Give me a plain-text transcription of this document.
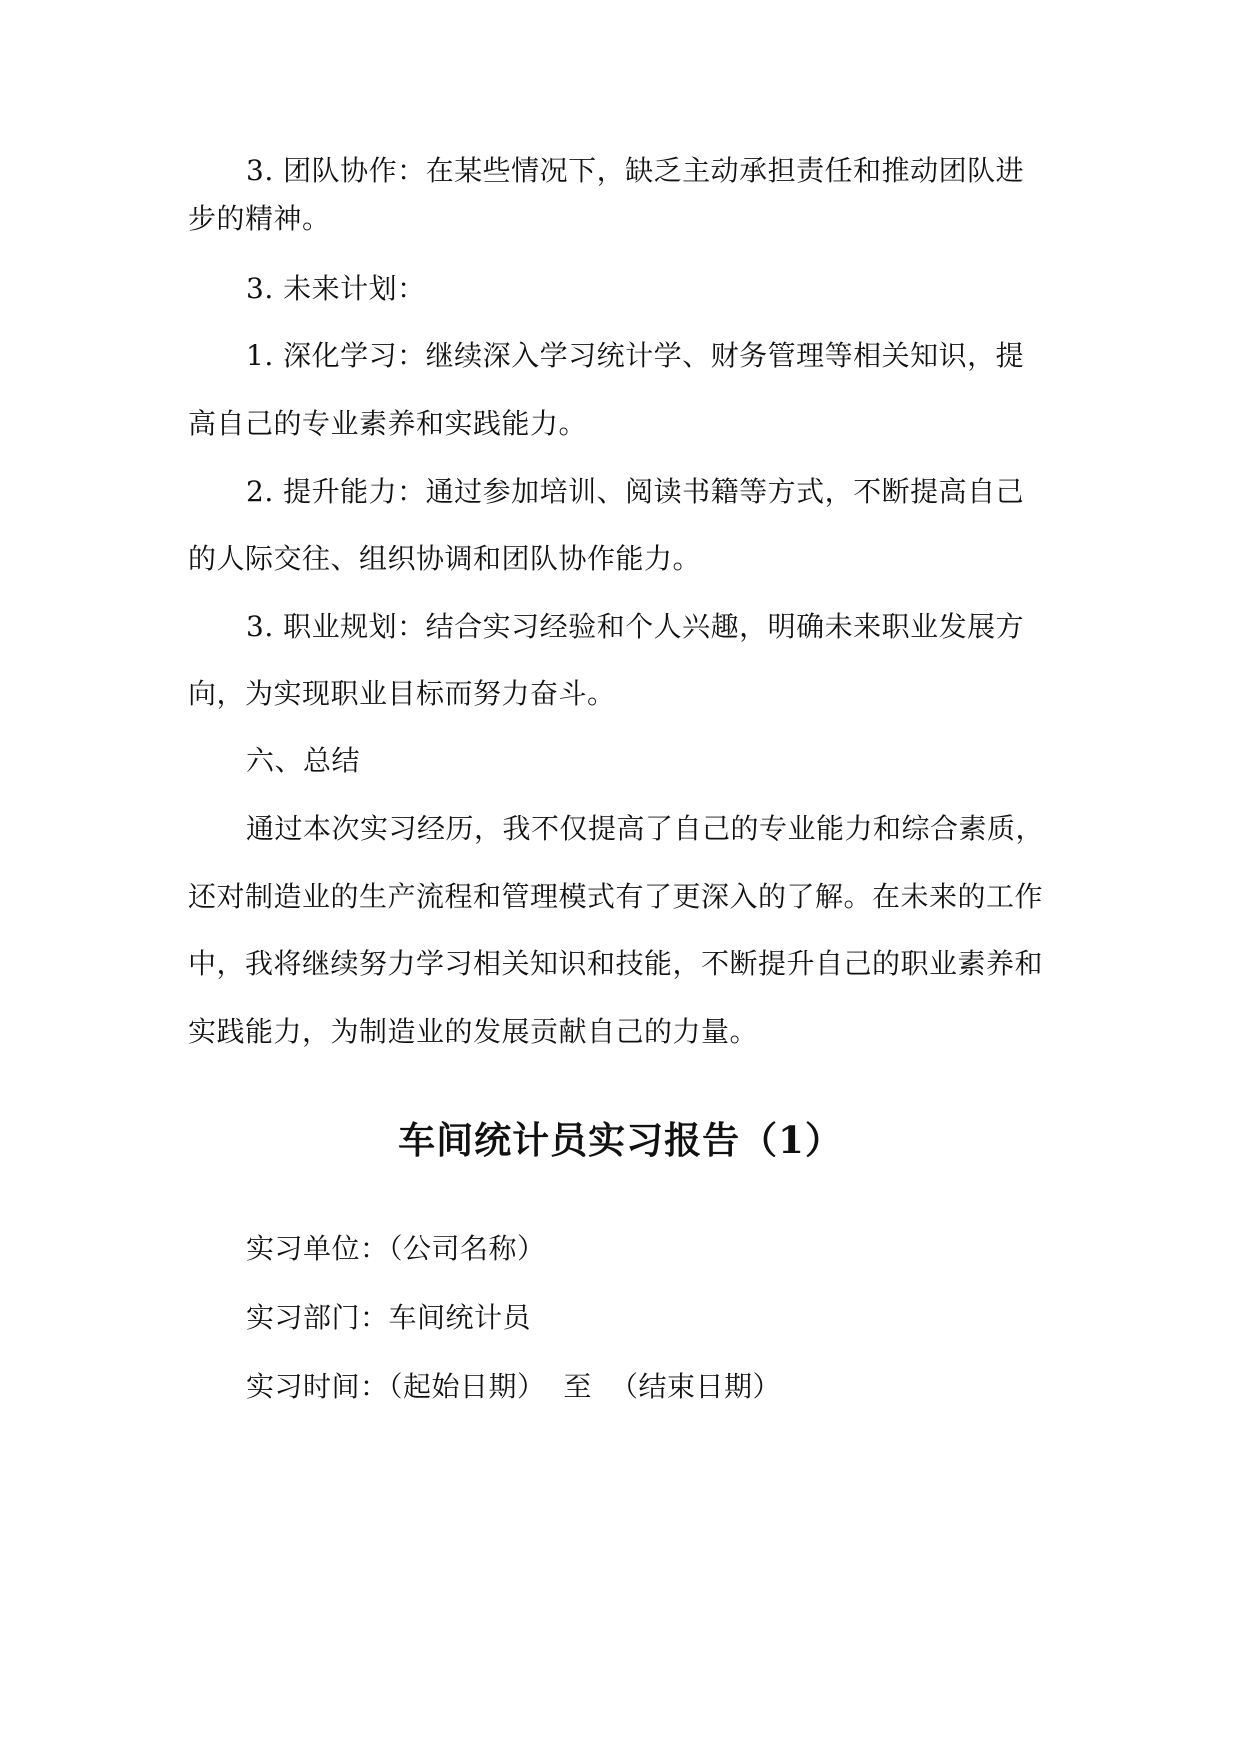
3. 团队协作：在某些情况下，缺乏主动承担责任和推动团队进

步的精神。

3. 未来计划：

1. 深化学习：继续深入学习统计学、财务管理等相关知识，提

高自己的专业素养和实践能力。

2. 提升能力：通过参加培训、阅读书籍等方式，不断提高自己

的人际交往、组织协调和团队协作能力。

3. 职业规划：结合实习经验和个人兴趣，明确未来职业发展方

向，为实现职业目标而努力奋斗。

六、总结

通过本次实习经历，我不仅提高了自己的专业能力和综合素质，

还对制造业的生产流程和管理模式有了更深入的了解。在未来的工作

中，我将继续努力学习相关知识和技能，不断提升自己的职业素养和

实践能力，为制造业的发展贡献自己的力量。

车间统计员实习报告（1）

实习单位：（公司名称）

实习部门：车间统计员

实习时间：（起始日期） 至 （结束日期）
